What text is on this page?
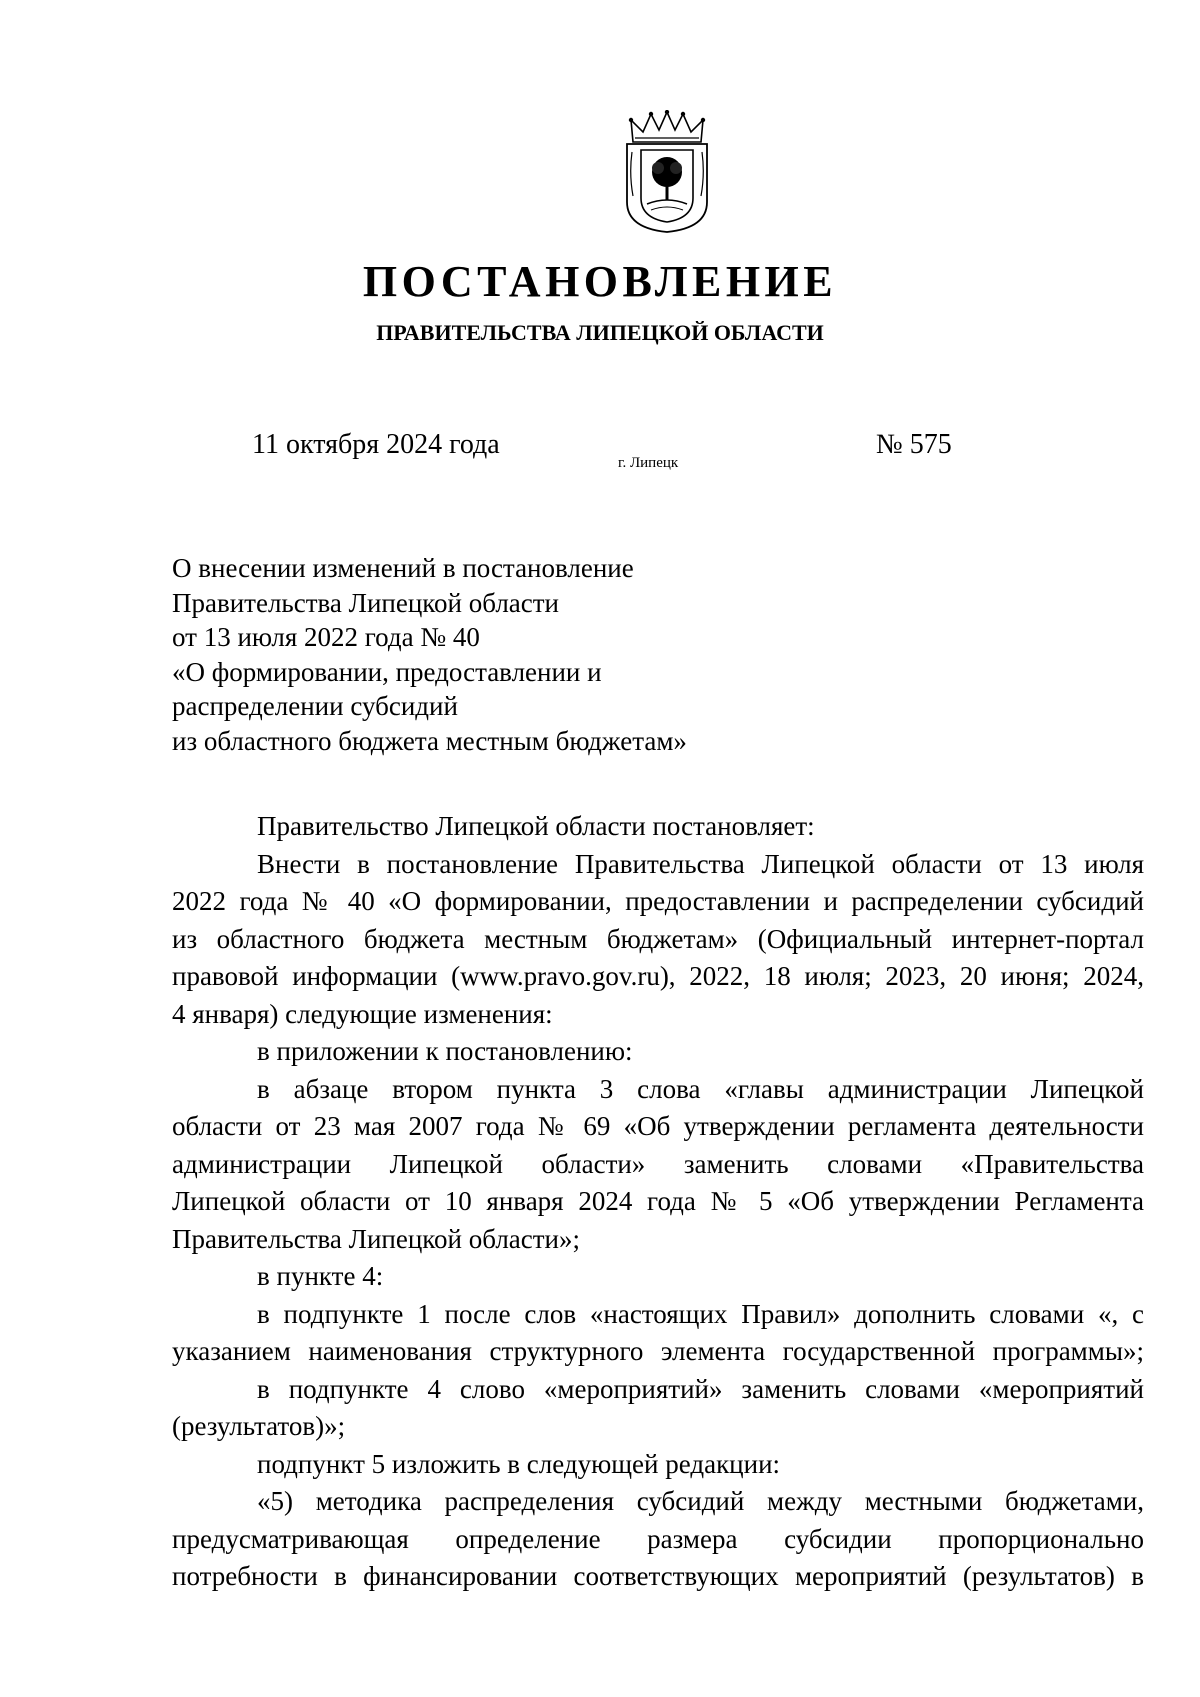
ПОСТАНОВЛЕНИЕ
ПРАВИТЕЛЬСТВА ЛИПЕЦКОЙ ОБЛАСТИ
11 октября 2024 года
г. Липецк
№ 575
О внесении изменений в постановление
Правительства Липецкой области
от 13 июля 2022 года № 40
«О формировании, предоставлении и
распределении субсидий
из областного бюджета местным бюджетам»
Правительство Липецкой области постановляет:
Внести в постановление Правительства Липецкой области от 13 июля
2022 года № 40 «О формировании, предоставлении и распределении субсидий
из областного бюджета местным бюджетам» (Официальный интернет-портал
правовой информации (www.pravo.gov.ru), 2022, 18 июля; 2023, 20 июня; 2024,
4 января) следующие изменения:
в приложении к постановлению:
в абзаце втором пункта 3 слова «главы администрации Липецкой
области от 23 мая 2007 года № 69 «Об утверждении регламента деятельности
администрации Липецкой области» заменить словами «Правительства
Липецкой области от 10 января 2024 года № 5 «Об утверждении Регламента
Правительства Липецкой области»;
в пункте 4:
в подпункте 1 после слов «настоящих Правил» дополнить словами «, с
указанием наименования структурного элемента государственной программы»;
в подпункте 4 слово «мероприятий» заменить словами «мероприятий
(результатов)»;
подпункт 5 изложить в следующей редакции:
«5) методика распределения субсидий между местными бюджетами,
предусматривающая определение размера субсидии пропорционально
потребности в финансировании соответствующих мероприятий (результатов) в
